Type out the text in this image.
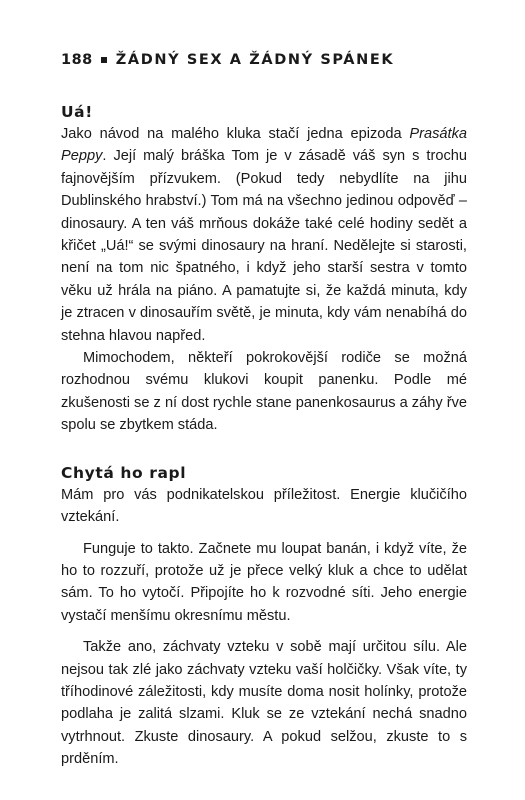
188 ŽÁDNÝ SEX A ŽÁDNÝ SPÁNEK
Uá!

Jako návod na malého kluka stačí jedna epizoda Prasátka Peppy. Její malý bráška Tom je v zásadě váš syn s trochu fajnovějším přízvukem. (Pokud tedy nebydlíte na jihu Dublinského hrabství.) Tom má na všechno jedinou odpověď – dinosaury. A ten váš mrňous dokáže také celé hodiny sedět a křičet „Uá!“ se svými dinosaury na hraní. Nedělejte si starosti, není na tom nic špatného, i když jeho starší sestra v tomto věku už hrála na piáno. A pamatujte si, že každá minuta, kdy je ztracen v dinosauřím světě, je minuta, kdy vám nenabíhá do stehna hlavou napřed.

Mimochodem, někteří pokrokovější rodiče se možná rozhodnou svému klukovi koupit panenku. Podle mé zkušenosti se z ní dost rychle stane panenkosaurus a záhy řve spolu se zbytkem stáda.

Chytá ho rapl

Mám pro vás podnikatelskou příležitost. Energie klučičího vztekání.

Funguje to takto. Začnete mu loupat banán, i když víte, že ho to rozzuří, protože už je přece velký kluk a chce to udělat sám. To ho vytočí. Připojíte ho k rozvodné síti. Jeho energie vystačí menšímu okresnímu městu.

Takže ano, záchvaty vzteku v sobě mají určitou sílu. Ale nejsou tak zlé jako záchvaty vzteku vaší holčičky. Však víte, ty tříhodinové záležitosti, kdy musíte doma nosit holínky, protože podlaha je zalitá slzami. Kluk se ze vztekání nechá snadno vytrhnout. Zkuste dinosaury. A pokud selžou, zkuste to s prděním.
